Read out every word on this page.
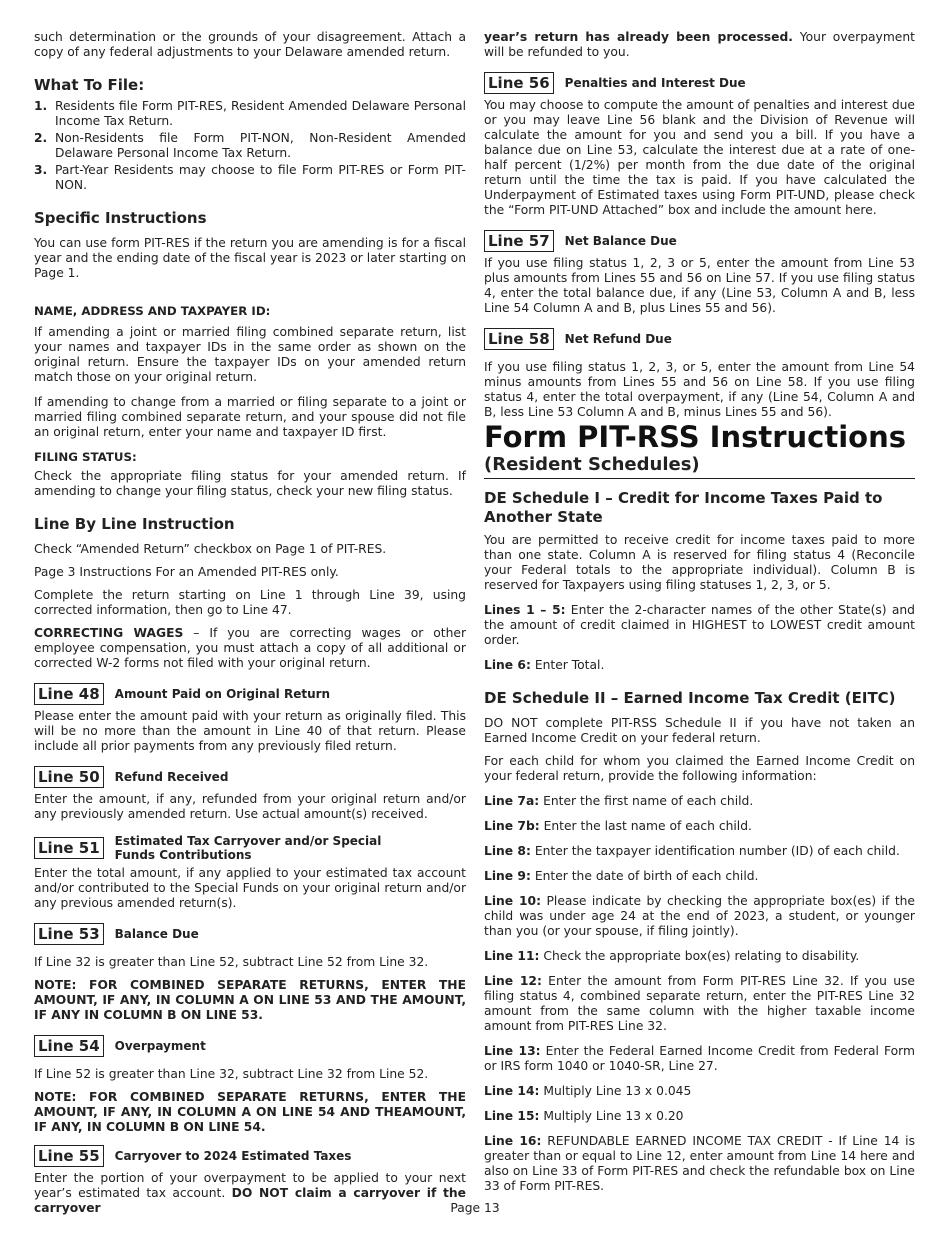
such determination or the grounds of your disagreement. Attach a copy of any federal adjustments to your Delaware amended return.

What To File:
1. Residents file Form PIT-RES, Resident Amended Delaware Personal Income Tax Return.
2. Non-Residents file Form PIT-NON, Non-Resident Amended Delaware Personal Income Tax Return.
3. Part-Year Residents may choose to file Form PIT-RES or Form PIT-NON.
Specific Instructions

You can use form PIT-RES if the return you are amending is for a fiscal year and the ending date of the fiscal year is 2023 or later starting on Page 1.

NAME, ADDRESS AND TAXPAYER ID:

If amending a joint or married filing combined separate return, list your names and taxpayer IDs in the same order as shown on the original return. Ensure the taxpayer IDs on your amended return match those on your original return.

If amending to change from a married or filing separate to a joint or married filing combined separate return, and your spouse did not file an original return, enter your name and taxpayer ID first.

FILING STATUS:

Check the appropriate filing status for your amended return. If amending to change your filing status, check your new filing status.

Line By Line Instruction

Check “Amended Return” checkbox on Page 1 of PIT-RES.

Page 3 Instructions For an Amended PIT-RES only.

Complete the return starting on Line 1 through Line 39, using corrected information, then go to Line 47.

CORRECTING WAGES – If you are correcting wages or other employee compensation, you must attach a copy of all additional or corrected W-2 forms not filed with your original return.

Line 48	Amount Paid on Original Return

Please enter the amount paid with your return as originally filed. This will be no more than the amount in Line 40 of that return. Please include all prior payments from any previously filed return.

Line 50	Refund Received

Enter the amount, if any, refunded from your original return and/or any previously amended return. Use actual amount(s) received.

Line 51	Estimated Tax Carryover and/or Special Funds Contributions

Enter the total amount, if any applied to your estimated tax account and/or contributed to the Special Funds on your original return and/or any previous amended return(s).

Line 53	Balance Due

If Line 32 is greater than Line 52, subtract Line 52 from Line 32.

NOTE: FOR COMBINED SEPARATE RETURNS, ENTER THE AMOUNT, IF ANY, IN COLUMN A ON LINE 53 AND THE AMOUNT, IF ANY IN COLUMN B ON LINE 53.

Line 54	Overpayment

If Line 52 is greater than Line 32, subtract Line 32 from Line 52.

NOTE: FOR COMBINED SEPARATE RETURNS, ENTER THE AMOUNT, IF ANY, IN COLUMN A ON LINE 54 AND THEAMOUNT, IF ANY, IN COLUMN B ON LINE 54.

Line 55	Carryover to 2024 Estimated Taxes

Enter the portion of your overpayment to be applied to your next year’s estimated tax account. DO NOT claim a carryover if the carryover

year’s return has already been processed. Your overpayment will be refunded to you.

Line 56	Penalties and Interest Due

You may choose to compute the amount of penalties and interest due or you may leave Line 56 blank and the Division of Revenue will calculate the amount for you and send you a bill. If you have a balance due on Line 53, calculate the interest due at a rate of one-half percent (1/2%) per month from the due date of the original return until the time the tax is paid. If you have calculated the Underpayment of Estimated taxes using Form PIT-UND, please check the “Form PIT-UND Attached” box and include the amount here.

Line 57	Net Balance Due

If you use filing status 1, 2, 3 or 5, enter the amount from Line 53 plus amounts from Lines 55 and 56 on Line 57. If you use filing status 4, enter the total balance due, if any (Line 53, Column A and B, less Line 54 Column A and B, plus Lines 55 and 56).

Line 58	Net Refund Due

If you use filing status 1, 2, 3, or 5, enter the amount from Line 54 minus amounts from Lines 55 and 56 on Line 58. If you use filing status 4, enter the total overpayment, if any (Line 54, Column A and B, less Line 53 Column A and B, minus Lines 55 and 56).

Form PIT-RSS Instructions
(Resident Schedules)
DE Schedule I – Credit for Income Taxes Paid to Another State

You are permitted to receive credit for income taxes paid to more than one state. Column A is reserved for filing status 4 (Reconcile your Federal totals to the appropriate individual). Column B is reserved for Taxpayers using filing statuses 1, 2, 3, or 5.

Lines 1 – 5: Enter the 2-character names of the other State(s) and the amount of credit claimed in HIGHEST to LOWEST credit amount order.

Line 6: Enter Total.

DE Schedule II – Earned Income Tax Credit (EITC)

DO NOT complete PIT-RSS Schedule II if you have not taken an Earned Income Credit on your federal return.

For each child for whom you claimed the Earned Income Credit on your federal return, provide the following information:

Line 7a: Enter the first name of each child.

Line 7b: Enter the last name of each child.

Line 8: Enter the taxpayer identification number (ID) of each child.

Line 9: Enter the date of birth of each child.

Line 10: Please indicate by checking the appropriate box(es) if the child was under age 24 at the end of 2023, a student, or younger than you (or your spouse, if filing jointly).

Line 11: Check the appropriate box(es) relating to disability.

Line 12: Enter the amount from Form PIT-RES Line 32. If you use filing status 4, combined separate return, enter the PIT-RES Line 32 amount from the same column with the higher taxable income amount from PIT-RES Line 32.

Line 13: Enter the Federal Earned Income Credit from Federal Form or IRS form 1040 or 1040-SR, Line 27.

Line 14: Multiply Line 13 x 0.045

Line 15: Multiply Line 13 x 0.20

Line 16: REFUNDABLE EARNED INCOME TAX CREDIT - If Line 14 is greater than or equal to Line 12, enter amount from Line 14 here and also on Line 33 of Form PIT-RES and check the refundable box on Line 33 of Form PIT-RES.

Page 13
